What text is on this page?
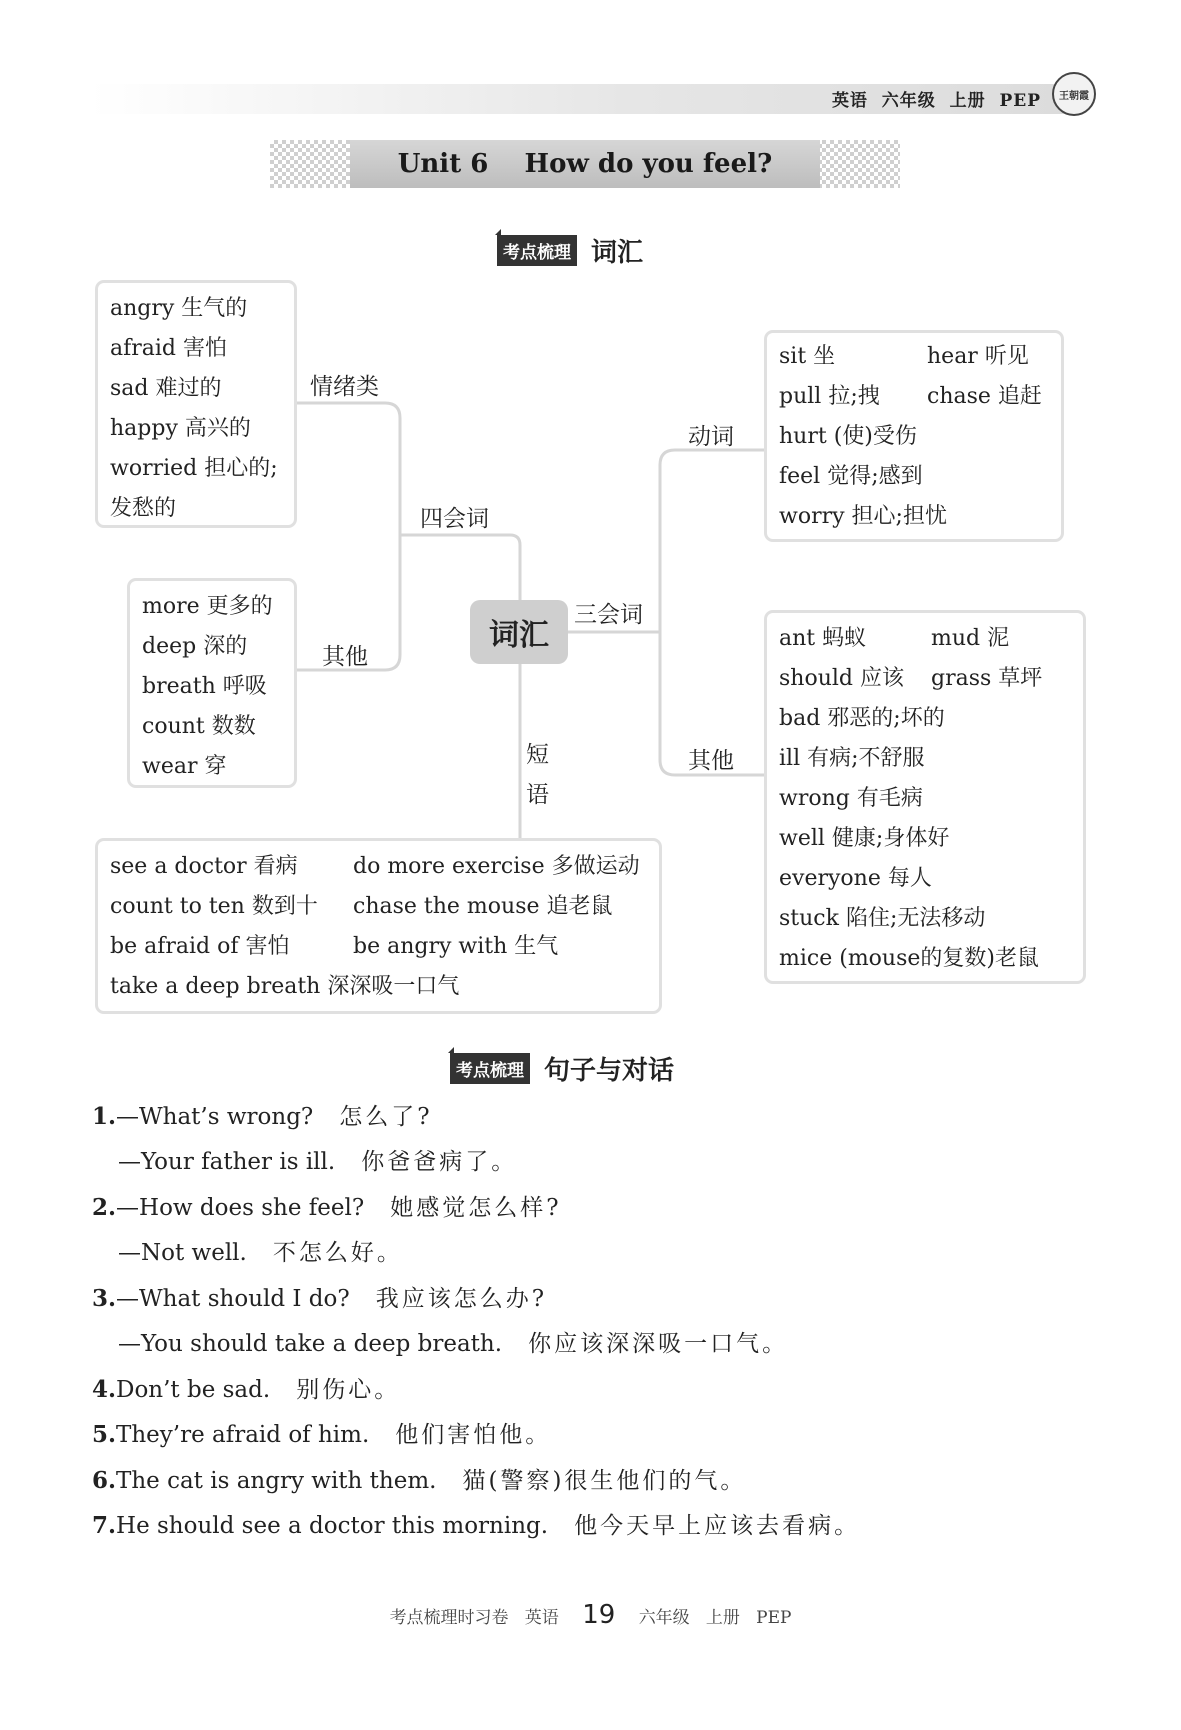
英语 六年级 上册 PEP	王朝霞
Unit 6    How do you feel?
考点梳理 词汇
angry 生气的
afraid 害怕
sad 难过的
happy 高兴的
worried 担心的;
发愁的
情绪类
more 更多的
deep 深的
breath 呼吸
count 数数
wear 穿
其他
四会词
词汇
三会词
动词
sit 坐
pull 拉;拽
hurt (使)受伤
feel 觉得;感到
worry 担心;担忧
hear 听见
chase 追赶
其他
ant 蚂蚁
should 应该
bad 邪恶的;坏的
ill 有病;不舒服
wrong 有毛病
well 健康;身体好
everyone 每人
stuck 陷住;无法移动
mice (mouse的复数)老鼠
mud 泥
grass 草坪
短
语
see a doctor 看病
count to ten 数到十
be afraid of 害怕
take a deep breath 深深吸一口气
do more exercise 多做运动
chase the mouse 追老鼠
be angry with 生气
考点梳理 句子与对话
1.—What’s wrong? 怎么了?
—Your father is ill. 你爸爸病了。
2.—How does she feel? 她感觉怎么样?
—Not well. 不怎么好。
3.—What should I do? 我应该怎么办?
—You should take a deep breath. 你应该深深吸一口气。
4.Don’t be sad. 别伤心。
5.They’re afraid of him. 他们害怕他。
6.The cat is angry with them. 猫(警察)很生他们的气。
7.He should see a doctor this morning. 他今天早上应该去看病。
考点梳理时习卷 英语 19 六年级 上册 PEP
